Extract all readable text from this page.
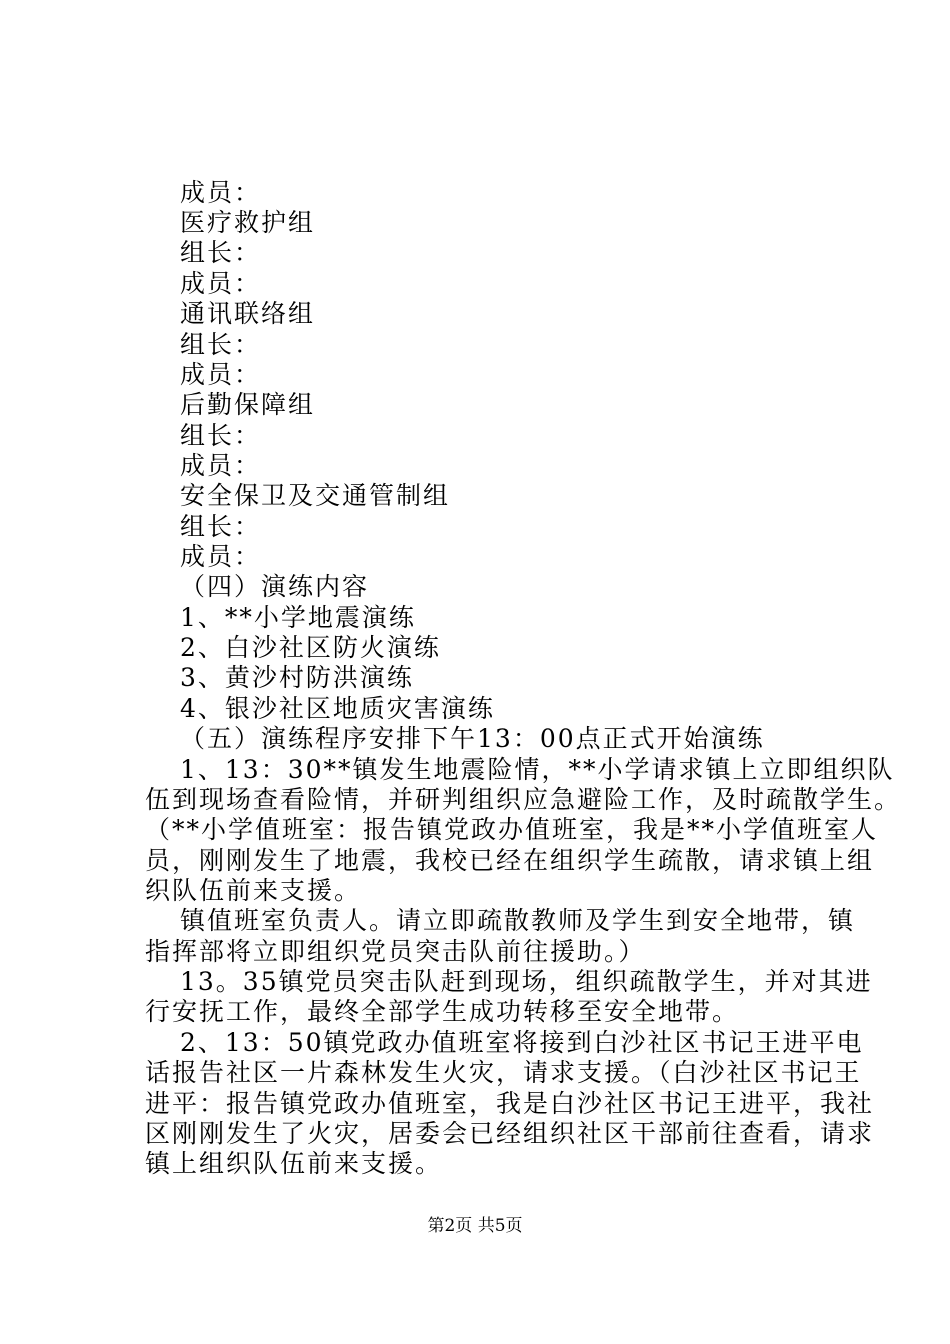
成员：
医疗救护组
组长：
成员：
通讯联络组
组长：
成员：
后勤保障组
组长：
成员：
安全保卫及交通管制组
组长：
成员：
（四）演练内容
1、**小学地震演练
2、白沙社区防火演练
3、黄沙村防洪演练
4、银沙社区地质灾害演练
（五）演练程序安排下午13：00点正式开始演练
1、13：30**镇发生地震险情，**小学请求镇上立即组织队
伍到现场查看险情，并研判组织应急避险工作，及时疏散学生。
（**小学值班室：报告镇党政办值班室，我是**小学值班室人
员，刚刚发生了地震，我校已经在组织学生疏散，请求镇上组
织队伍前来支援。
镇值班室负责人。请立即疏散教师及学生到安全地带，镇
指挥部将立即组织党员突击队前往援助。）
13。35镇党员突击队赶到现场，组织疏散学生，并对其进
行安抚工作，最终全部学生成功转移至安全地带。
2、13：50镇党政办值班室将接到白沙社区书记王进平电
话报告社区一片森林发生火灾，请求支援。（白沙社区书记王
进平：报告镇党政办值班室，我是白沙社区书记王进平，我社
区刚刚发生了火灾，居委会已经组织社区干部前往查看，请求
镇上组织队伍前来支援。
第2页 共5页
